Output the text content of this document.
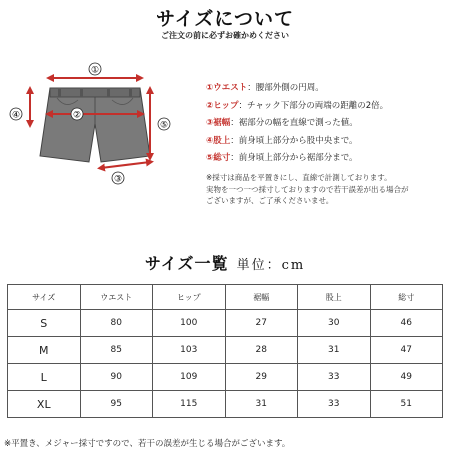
サイズについて
ご注文の前に必ずお確かめください
①
②
③
④
⑤
①ウエスト：腰部外側の円周。
②ヒップ：チャック下部分の両端の距離の2倍。
③裾幅：裾部分の幅を直線で測った値。
④股上：前身頃上部分から股中央まで。
⑤総寸：前身頃上部分から裾部分まで。
※採寸は商品を平置きにし、直線で計測しております。
実物を一つ一つ採寸しておりますので若干誤差が出る場合が
ございますが、ご了承くださいませ。
サイズ一覧 単位：cm
サイズ	ウエスト	ヒップ	裾幅	股上	総寸
S	80	100	27	30	46
M	85	103	28	31	47
L	90	109	29	33	49
XL	95	115	31	33	51
※平置き、メジャー採寸ですので、若干の誤差が生じる場合がございます。
